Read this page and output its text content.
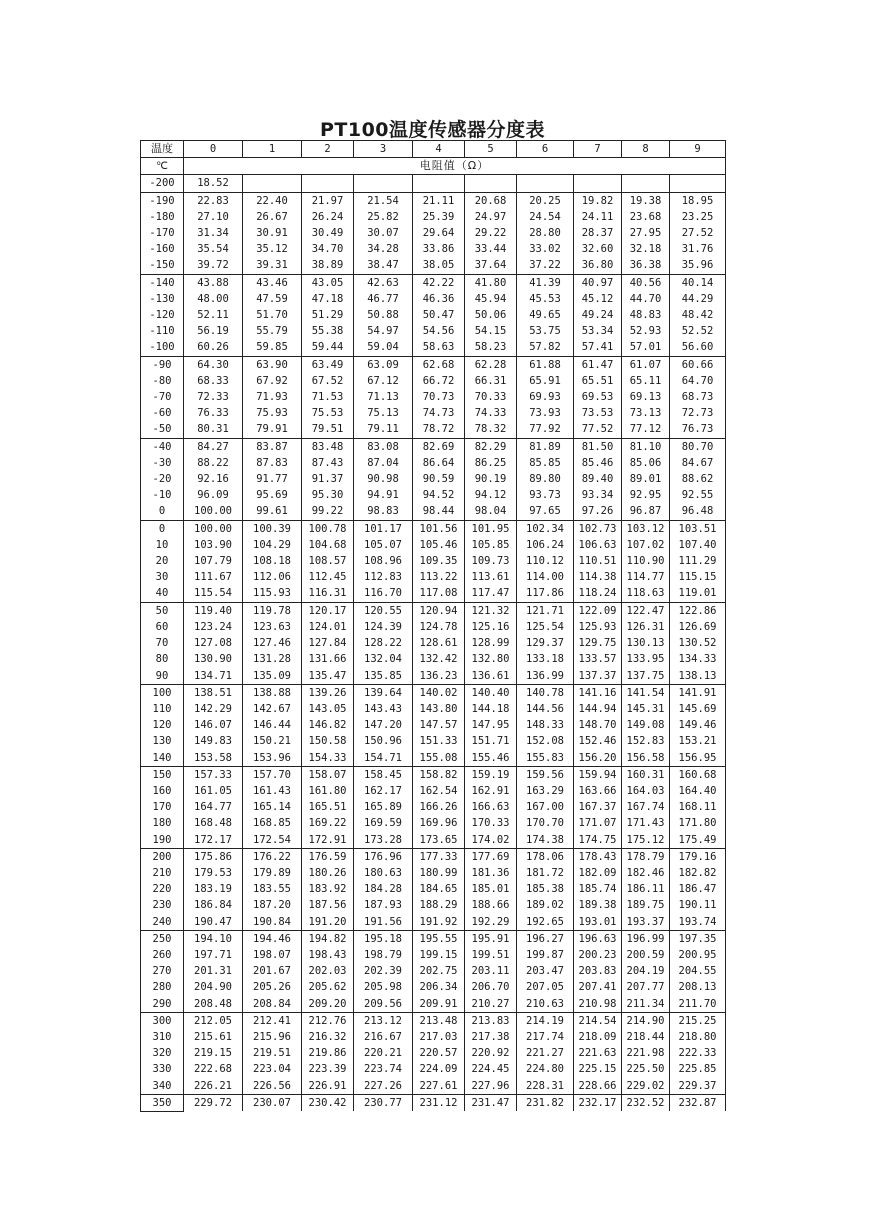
PT100温度传感器分度表
温度	0	1	2	3	4	5	6	7	8	9
℃	电阻值（Ω）									
-200	18.52									
-190	22.83	22.40	21.97	21.54	21.11	20.68	20.25	19.82	19.38	18.95
-180	27.10	26.67	26.24	25.82	25.39	24.97	24.54	24.11	23.68	23.25
-170	31.34	30.91	30.49	30.07	29.64	29.22	28.80	28.37	27.95	27.52
-160	35.54	35.12	34.70	34.28	33.86	33.44	33.02	32.60	32.18	31.76
-150	39.72	39.31	38.89	38.47	38.05	37.64	37.22	36.80	36.38	35.96
-140	43.88	43.46	43.05	42.63	42.22	41.80	41.39	40.97	40.56	40.14
-130	48.00	47.59	47.18	46.77	46.36	45.94	45.53	45.12	44.70	44.29
-120	52.11	51.70	51.29	50.88	50.47	50.06	49.65	49.24	48.83	48.42
-110	56.19	55.79	55.38	54.97	54.56	54.15	53.75	53.34	52.93	52.52
-100	60.26	59.85	59.44	59.04	58.63	58.23	57.82	57.41	57.01	56.60
-90	64.30	63.90	63.49	63.09	62.68	62.28	61.88	61.47	61.07	60.66
-80	68.33	67.92	67.52	67.12	66.72	66.31	65.91	65.51	65.11	64.70
-70	72.33	71.93	71.53	71.13	70.73	70.33	69.93	69.53	69.13	68.73
-60	76.33	75.93	75.53	75.13	74.73	74.33	73.93	73.53	73.13	72.73
-50	80.31	79.91	79.51	79.11	78.72	78.32	77.92	77.52	77.12	76.73
-40	84.27	83.87	83.48	83.08	82.69	82.29	81.89	81.50	81.10	80.70
-30	88.22	87.83	87.43	87.04	86.64	86.25	85.85	85.46	85.06	84.67
-20	92.16	91.77	91.37	90.98	90.59	90.19	89.80	89.40	89.01	88.62
-10	96.09	95.69	95.30	94.91	94.52	94.12	93.73	93.34	92.95	92.55
0	100.00	99.61	99.22	98.83	98.44	98.04	97.65	97.26	96.87	96.48
0	100.00	100.39	100.78	101.17	101.56	101.95	102.34	102.73	103.12	103.51
10	103.90	104.29	104.68	105.07	105.46	105.85	106.24	106.63	107.02	107.40
20	107.79	108.18	108.57	108.96	109.35	109.73	110.12	110.51	110.90	111.29
30	111.67	112.06	112.45	112.83	113.22	113.61	114.00	114.38	114.77	115.15
40	115.54	115.93	116.31	116.70	117.08	117.47	117.86	118.24	118.63	119.01
50	119.40	119.78	120.17	120.55	120.94	121.32	121.71	122.09	122.47	122.86
60	123.24	123.63	124.01	124.39	124.78	125.16	125.54	125.93	126.31	126.69
70	127.08	127.46	127.84	128.22	128.61	128.99	129.37	129.75	130.13	130.52
80	130.90	131.28	131.66	132.04	132.42	132.80	133.18	133.57	133.95	134.33
90	134.71	135.09	135.47	135.85	136.23	136.61	136.99	137.37	137.75	138.13
100	138.51	138.88	139.26	139.64	140.02	140.40	140.78	141.16	141.54	141.91
110	142.29	142.67	143.05	143.43	143.80	144.18	144.56	144.94	145.31	145.69
120	146.07	146.44	146.82	147.20	147.57	147.95	148.33	148.70	149.08	149.46
130	149.83	150.21	150.58	150.96	151.33	151.71	152.08	152.46	152.83	153.21
140	153.58	153.96	154.33	154.71	155.08	155.46	155.83	156.20	156.58	156.95
150	157.33	157.70	158.07	158.45	158.82	159.19	159.56	159.94	160.31	160.68
160	161.05	161.43	161.80	162.17	162.54	162.91	163.29	163.66	164.03	164.40
170	164.77	165.14	165.51	165.89	166.26	166.63	167.00	167.37	167.74	168.11
180	168.48	168.85	169.22	169.59	169.96	170.33	170.70	171.07	171.43	171.80
190	172.17	172.54	172.91	173.28	173.65	174.02	174.38	174.75	175.12	175.49
200	175.86	176.22	176.59	176.96	177.33	177.69	178.06	178.43	178.79	179.16
210	179.53	179.89	180.26	180.63	180.99	181.36	181.72	182.09	182.46	182.82
220	183.19	183.55	183.92	184.28	184.65	185.01	185.38	185.74	186.11	186.47
230	186.84	187.20	187.56	187.93	188.29	188.66	189.02	189.38	189.75	190.11
240	190.47	190.84	191.20	191.56	191.92	192.29	192.65	193.01	193.37	193.74
250	194.10	194.46	194.82	195.18	195.55	195.91	196.27	196.63	196.99	197.35
260	197.71	198.07	198.43	198.79	199.15	199.51	199.87	200.23	200.59	200.95
270	201.31	201.67	202.03	202.39	202.75	203.11	203.47	203.83	204.19	204.55
280	204.90	205.26	205.62	205.98	206.34	206.70	207.05	207.41	207.77	208.13
290	208.48	208.84	209.20	209.56	209.91	210.27	210.63	210.98	211.34	211.70
300	212.05	212.41	212.76	213.12	213.48	213.83	214.19	214.54	214.90	215.25
310	215.61	215.96	216.32	216.67	217.03	217.38	217.74	218.09	218.44	218.80
320	219.15	219.51	219.86	220.21	220.57	220.92	221.27	221.63	221.98	222.33
330	222.68	223.04	223.39	223.74	224.09	224.45	224.80	225.15	225.50	225.85
340	226.21	226.56	226.91	227.26	227.61	227.96	228.31	228.66	229.02	229.37
350	229.72	230.07	230.42	230.77	231.12	231.47	231.82	232.17	232.52	232.87
